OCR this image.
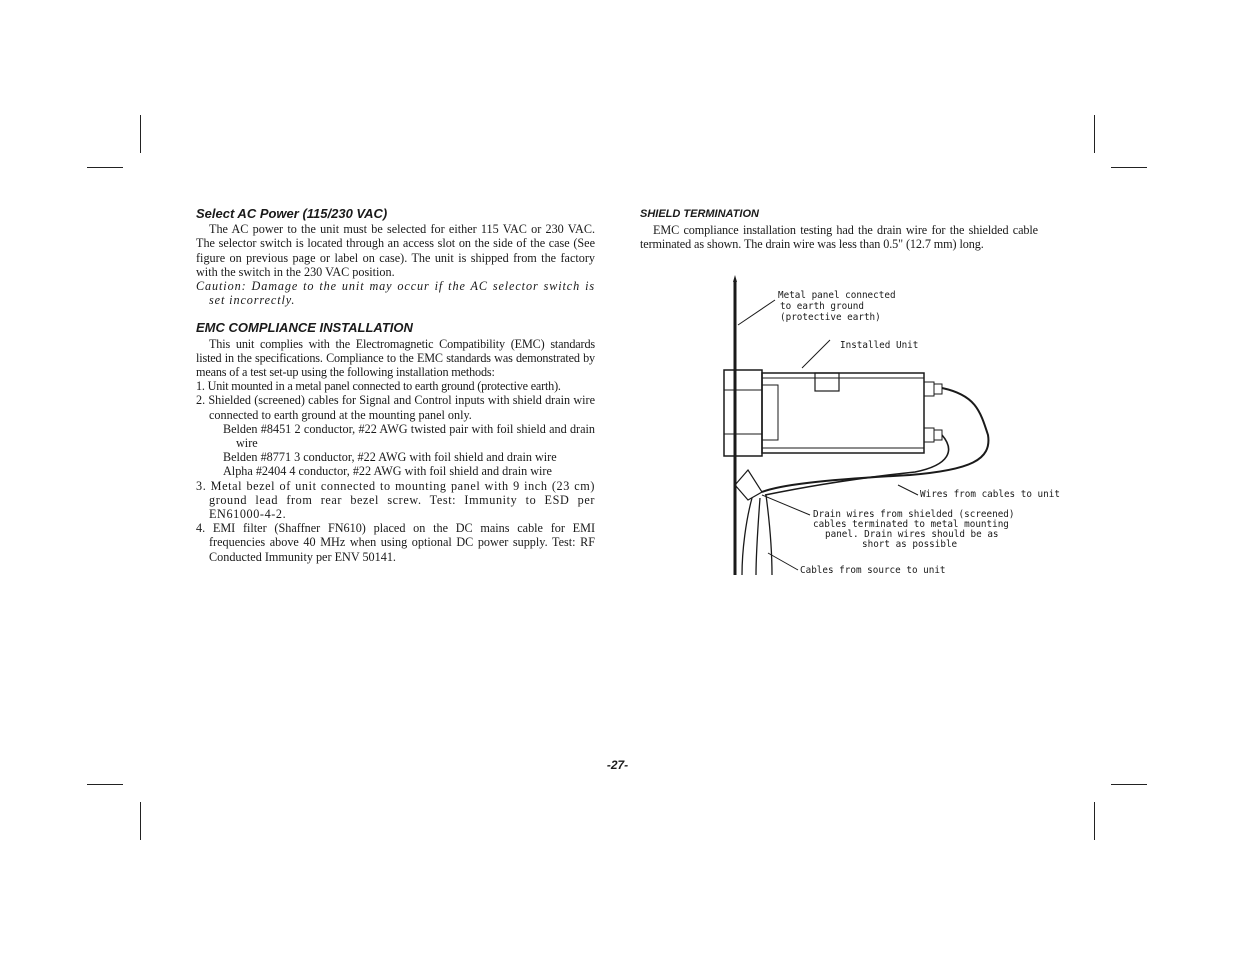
Select AC Power (115/230 VAC)

The AC power to the unit must be selected for either 115 VAC or 230 VAC. The selector switch is located through an access slot on the side of the case (See figure on previous page or label on case). The unit is shipped from the factory with the switch in the 230 VAC position.

Caution: Damage to the unit may occur if the AC selector switch is set incorrectly.

EMC COMPLIANCE INSTALLATION

This unit complies with the Electromagnetic Compatibility (EMC) standards listed in the specifications. Compliance to the EMC standards was demonstrated by means of a test set-up using the following installation methods:

1. Unit mounted in a metal panel connected to earth ground (protective earth).

2. Shielded (screened) cables for Signal and Control inputs with shield drain wire connected to earth ground at the mounting panel only.

Belden #8451 2 conductor, #22 AWG twisted pair with foil shield and drain wire

Belden #8771 3 conductor, #22 AWG with foil shield and drain wire

Alpha #2404 4 conductor, #22 AWG with foil shield and drain wire

3. Metal bezel of unit connected to mounting panel with 9 inch (23 cm) ground lead from rear bezel screw. Test: Immunity to ESD per EN61000-4-2.

4. EMI filter (Shaffner FN610) placed on the DC mains cable for EMI frequencies above 40 MHz when using optional DC power supply. Test: RF Conducted Immunity per ENV 50141.

SHIELD TERMINATION

EMC compliance installation testing had the drain wire for the shielded cable terminated as shown. The drain wire was less than 0.5" (12.7 mm) long.

Metal panel connected
to earth ground
(protective earth)
Installed Unit
Wires from cables to unit
Drain wires from shielded (screened)
cables terminated to metal mounting
panel. Drain wires should be as
short as possible
Cables from source to unit
-27-
